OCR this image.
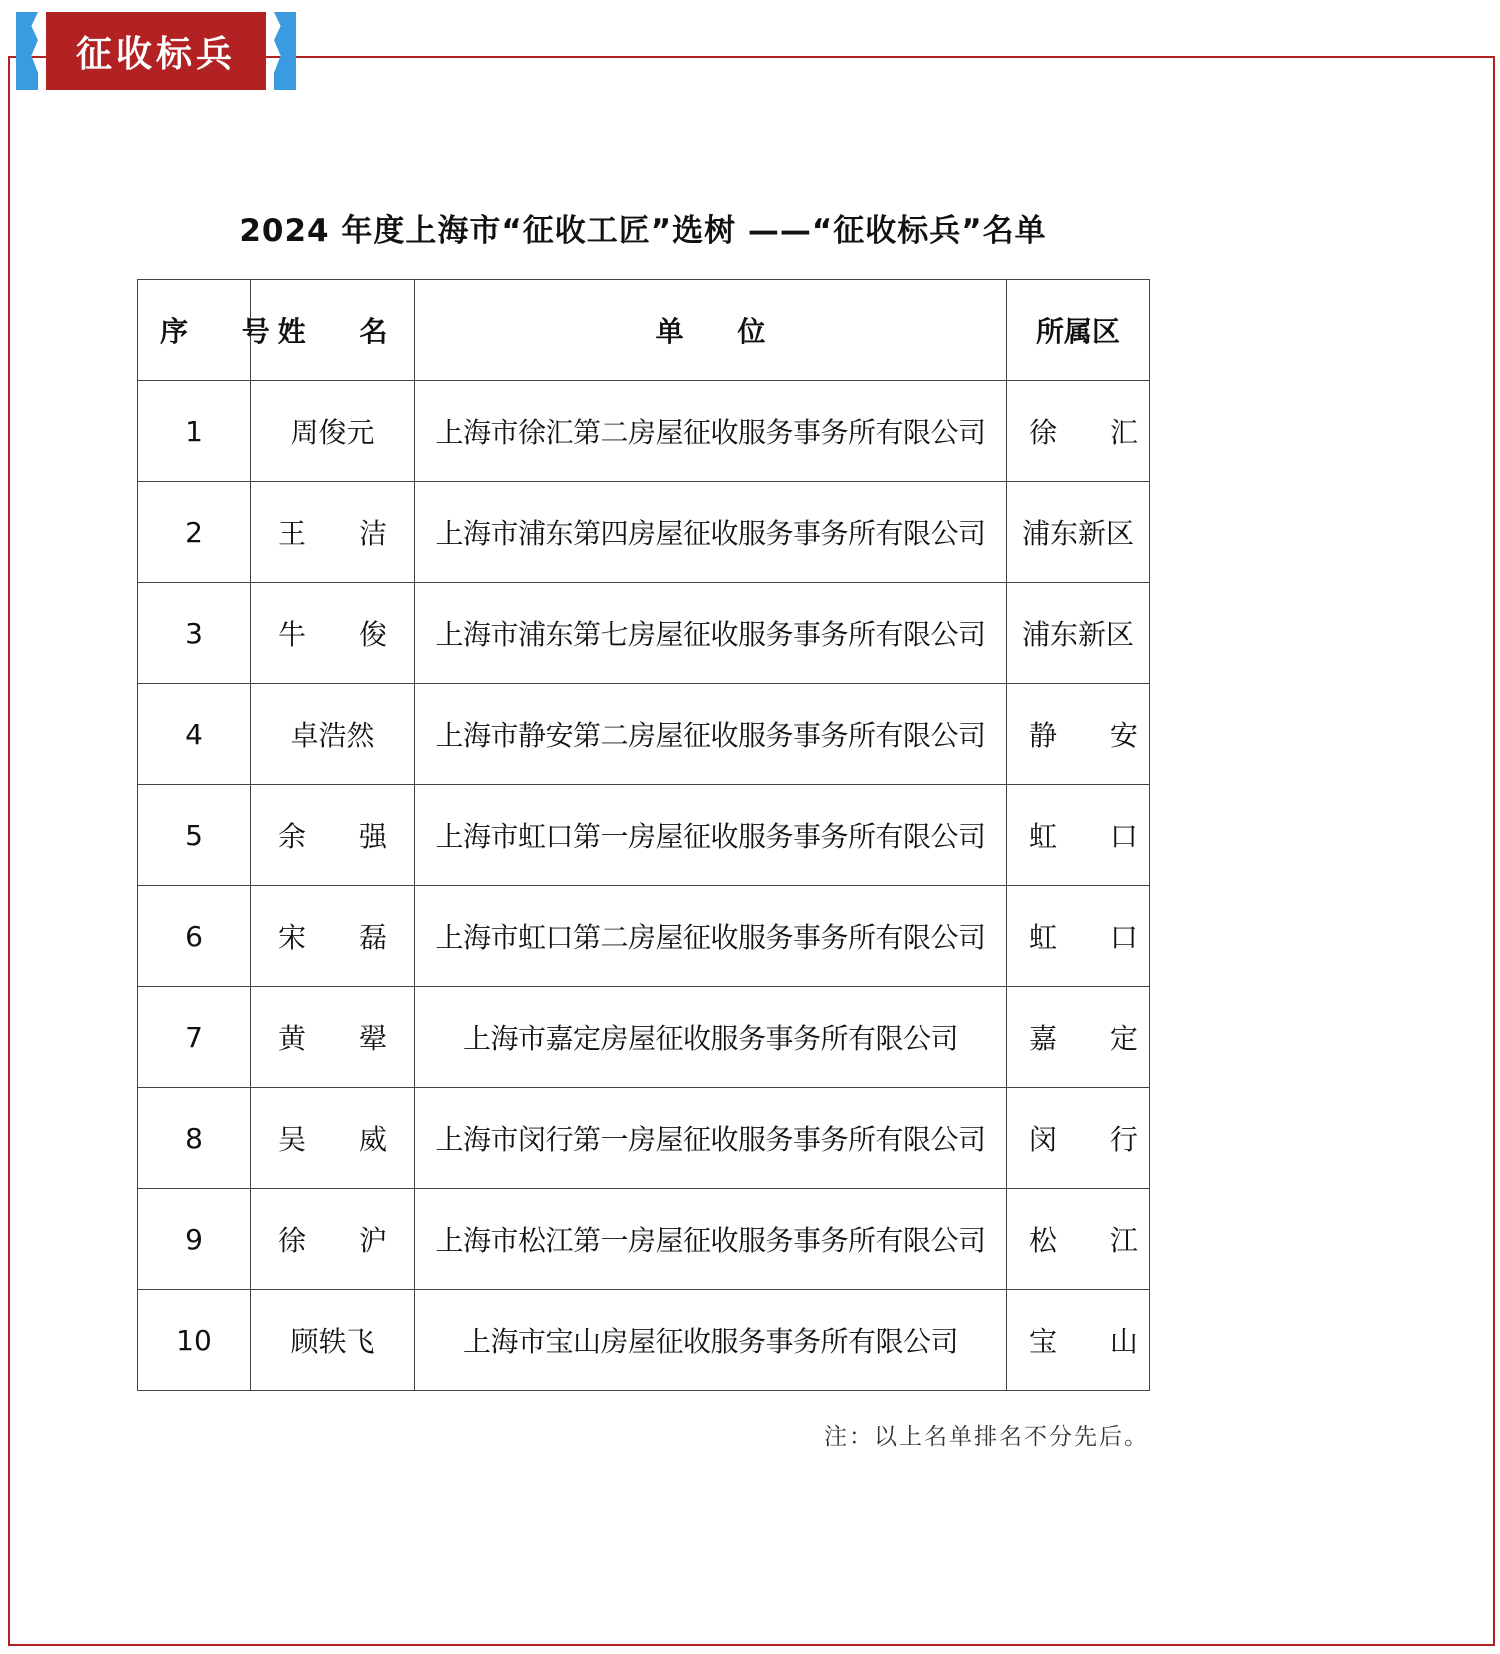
征收标兵
2024 年度上海市“征收工匠”选树 ——“征收标兵”名单
序 号	姓 名	单 位	所属区
1	周俊元	上海市徐汇第二房屋征收服务事务所有限公司	徐 汇
2	王 洁	上海市浦东第四房屋征收服务事务所有限公司	浦东新区
3	牛 俊	上海市浦东第七房屋征收服务事务所有限公司	浦东新区
4	卓浩然	上海市静安第二房屋征收服务事务所有限公司	静 安
5	余 强	上海市虹口第一房屋征收服务事务所有限公司	虹 口
6	宋 磊	上海市虹口第二房屋征收服务事务所有限公司	虹 口
7	黄 翚	上海市嘉定房屋征收服务事务所有限公司	嘉 定
8	吴 威	上海市闵行第一房屋征收服务事务所有限公司	闵 行
9	徐 沪	上海市松江第一房屋征收服务事务所有限公司	松 江
10	顾轶飞	上海市宝山房屋征收服务事务所有限公司	宝 山
注：以上名单排名不分先后。
